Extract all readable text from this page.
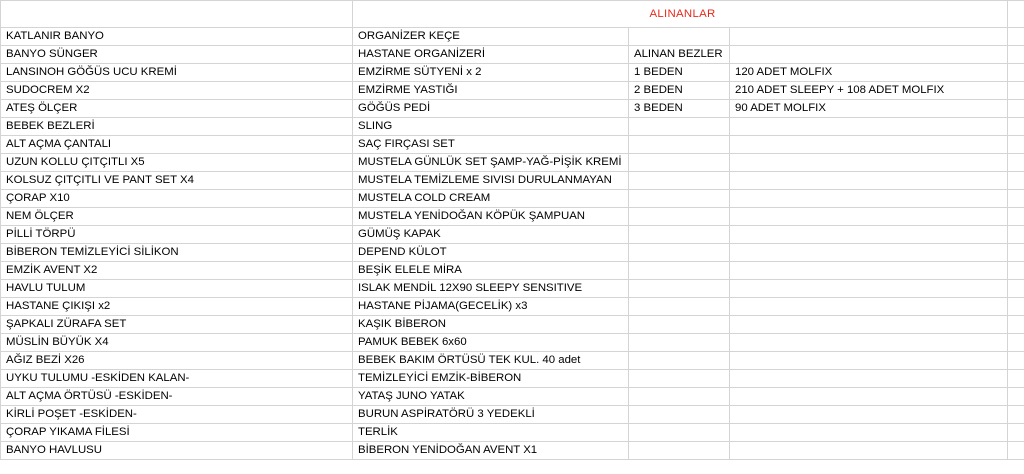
	ALINANLAR			
KATLANIR BANYO	ORGANİZER KEÇE			
BANYO SÜNGER	HASTANE ORGANİZERİ	ALINAN BEZLER		
LANSINOH GÖĞÜS UCU KREMİ	EMZİRME SÜTYENİ x 2	1 BEDEN	120 ADET MOLFIX	
SUDOCREM X2	EMZİRME YASTIĞI	2 BEDEN	210 ADET SLEEPY + 108 ADET MOLFIX	
ATEŞ ÖLÇER	GÖĞÜS PEDİ	3 BEDEN	90 ADET MOLFIX	
BEBEK BEZLERİ	SLING			
ALT AÇMA ÇANTALI	SAÇ FIRÇASI SET			
UZUN KOLLU ÇITÇITLI X5	MUSTELA GÜNLÜK SET ŞAMP-YAĞ-PİŞİK KREMİ			
KOLSUZ ÇITÇITLI VE PANT SET X4	MUSTELA TEMİZLEME SIVISI DURULANMAYAN			
ÇORAP X10	MUSTELA COLD CREAM			
NEM ÖLÇER	MUSTELA YENİDOĞAN KÖPÜK ŞAMPUAN			
PİLLİ TÖRPÜ	GÜMÜŞ KAPAK			
BİBERON TEMİZLEYİCİ SİLİKON	DEPEND KÜLOT			
EMZİK AVENT X2	BEŞİK ELELE MİRA			
HAVLU TULUM	ISLAK MENDİL 12X90 SLEEPY SENSITIVE			
HASTANE ÇIKIŞI x2	HASTANE PİJAMA(GECELİK) x3			
ŞAPKALI ZÜRAFA SET	KAŞIK BİBERON			
MÜSLİN BÜYÜK X4	PAMUK BEBEK 6x60			
AĞIZ BEZİ X26	BEBEK BAKIM ÖRTÜSÜ TEK KUL. 40 adet			
UYKU TULUMU -ESKİDEN KALAN-	TEMİZLEYİCİ EMZİK-BİBERON			
ALT AÇMA ÖRTÜSÜ -ESKİDEN-	YATAŞ JUNO YATAK			
KİRLİ POŞET -ESKİDEN-	BURUN ASPİRATÖRÜ 3 YEDEKLİ			
ÇORAP YIKAMA FİLESİ	TERLİK			
BANYO HAVLUSU	BİBERON YENİDOĞAN AVENT X1			
